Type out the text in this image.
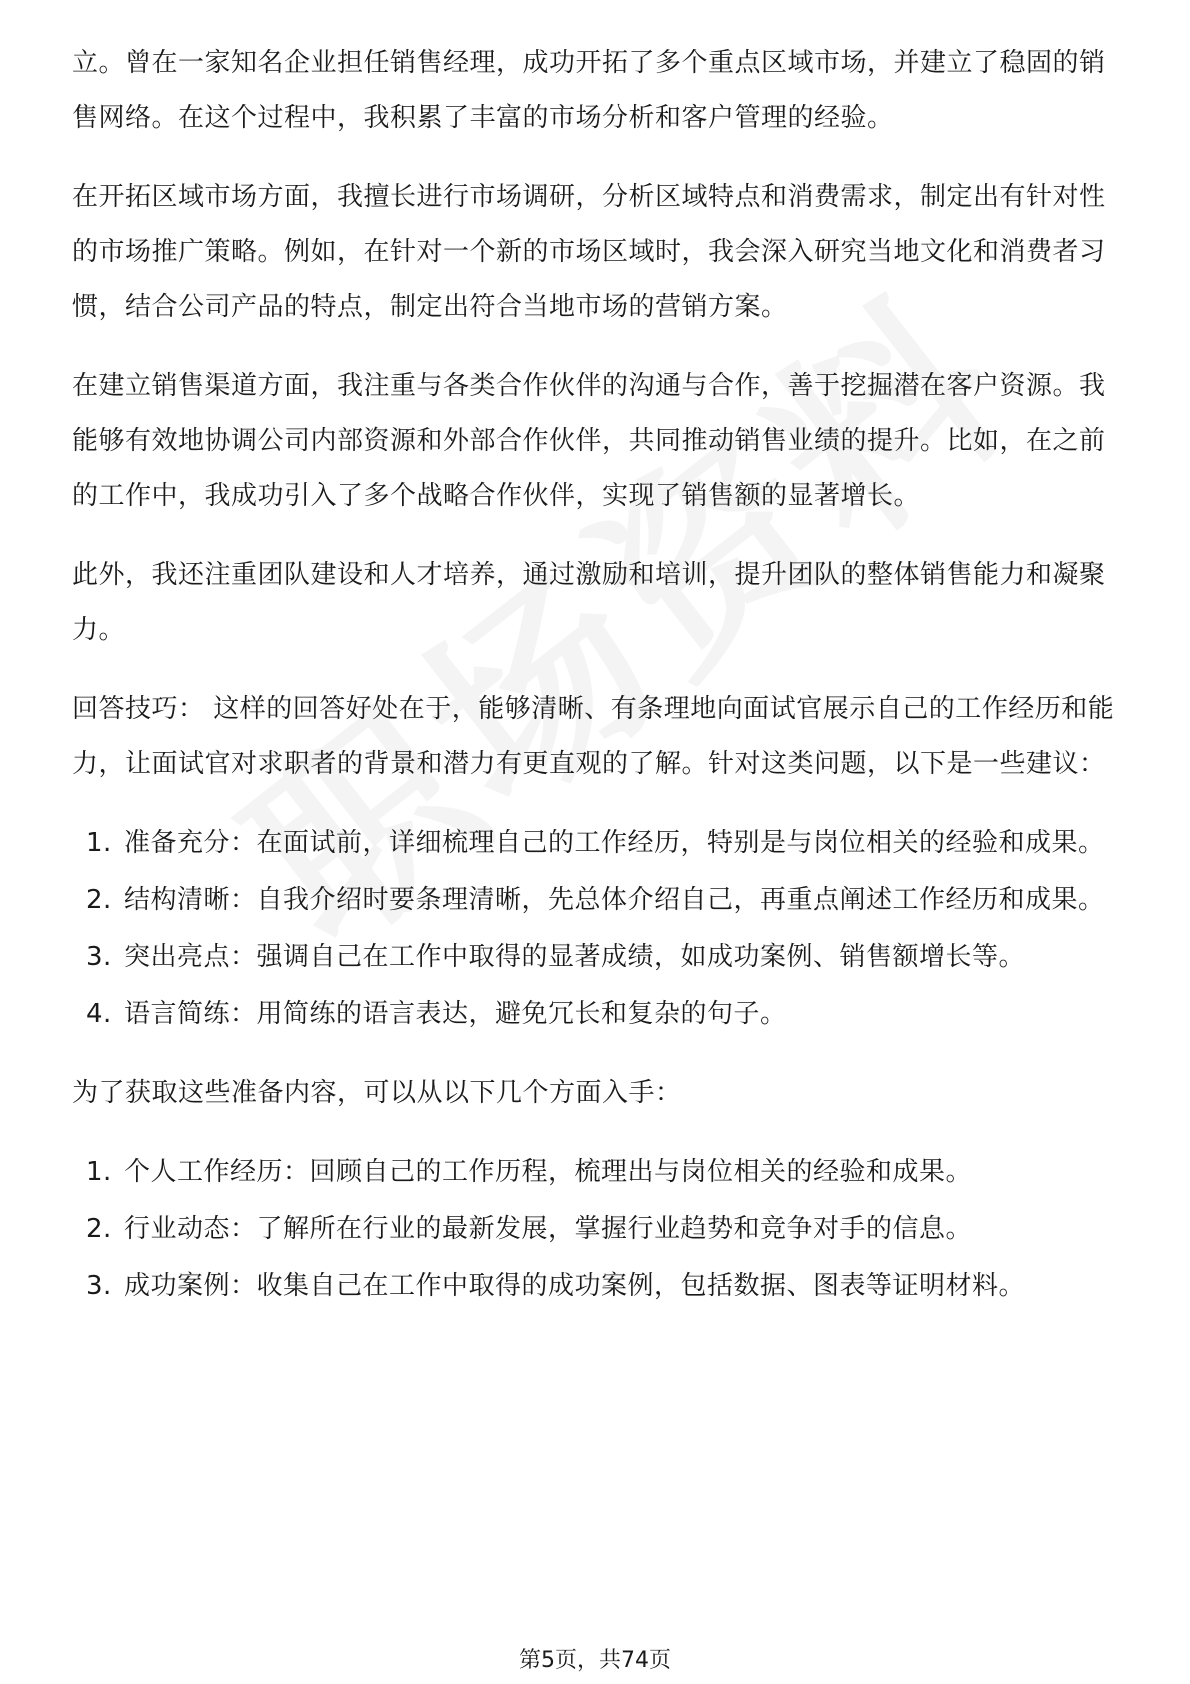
立。曾在一家知名企业担任销售经理，成功开拓了多个重点区域市场，并建立了稳固的销售网络。在这个过程中，我积累了丰富的市场分析和客户管理的经验。

在开拓区域市场方面，我擅长进行市场调研，分析区域特点和消费需求，制定出有针对性的市场推广策略。例如，在针对一个新的市场区域时，我会深入研究当地文化和消费者习惯，结合公司产品的特点，制定出符合当地市场的营销方案。

在建立销售渠道方面，我注重与各类合作伙伴的沟通与合作，善于挖掘潜在客户资源。我能够有效地协调公司内部资源和外部合作伙伴，共同推动销售业绩的提升。比如，在之前的工作中，我成功引入了多个战略合作伙伴，实现了销售额的显著增长。

此外，我还注重团队建设和人才培养，通过激励和培训，提升团队的整体销售能力和凝聚力。

回答技巧： 这样的回答好处在于，能够清晰、有条理地向面试官展示自己的工作经历和能力，让面试官对求职者的背景和潜力有更直观的了解。针对这类问题，以下是一些建议：

1. 准备充分：在面试前，详细梳理自己的工作经历，特别是与岗位相关的经验和成果。
2. 结构清晰：自我介绍时要条理清晰，先总体介绍自己，再重点阐述工作经历和成果。
3. 突出亮点：强调自己在工作中取得的显著成绩，如成功案例、销售额增长等。
4. 语言简练：用简练的语言表达，避免冗长和复杂的句子。

为了获取这些准备内容，可以从以下几个方面入手：

1. 个人工作经历：回顾自己的工作历程，梳理出与岗位相关的经验和成果。
2. 行业动态：了解所在行业的最新发展，掌握行业趋势和竞争对手的信息。
3. 成功案例：收集自己在工作中取得的成功案例，包括数据、图表等证明材料。
第5页，共74页
